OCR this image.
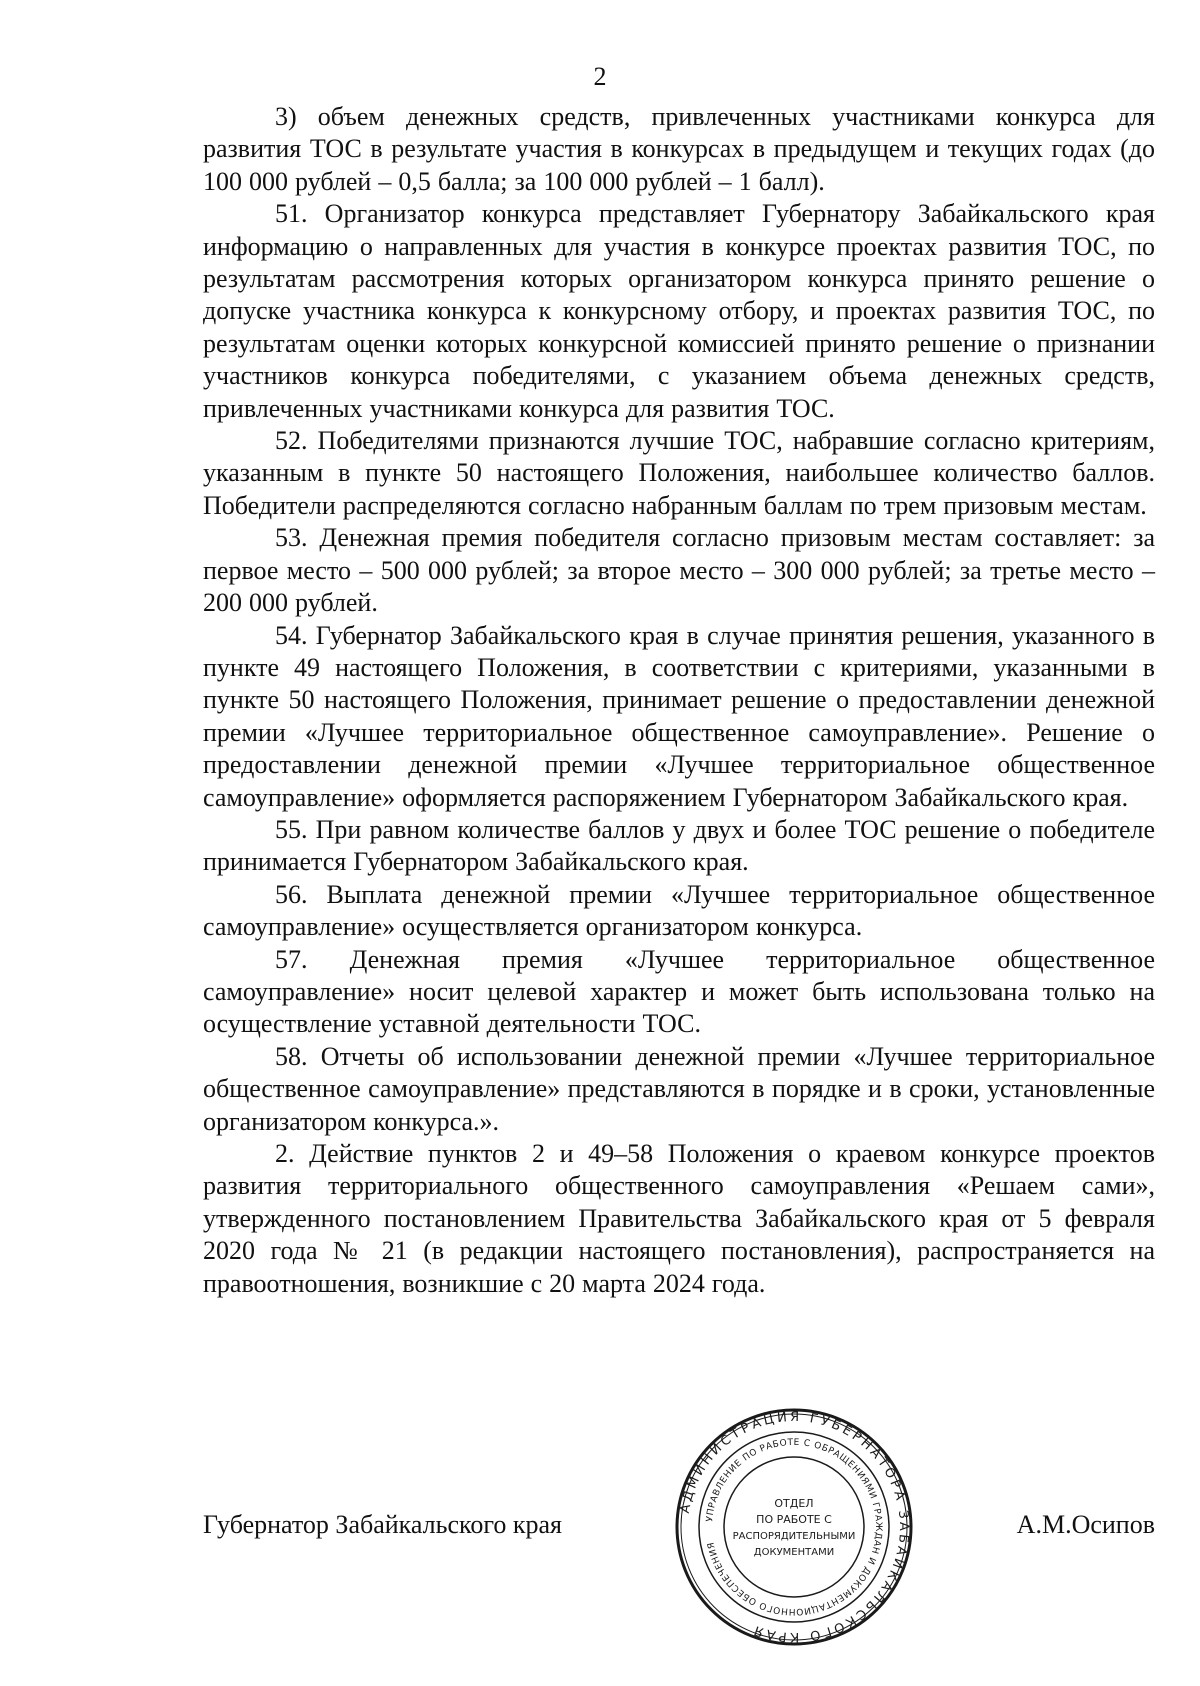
2

3) объем денежных средств, привлеченных участниками конкурса для развития ТОС в результате участия в конкурсах в предыдущем и текущих годах (до 100 000 рублей – 0,5 балла; за 100 000 рублей – 1 балл).

51. Организатор конкурса представляет Губернатору Забайкальского края информацию о направленных для участия в конкурсе проектах развития ТОС, по результатам рассмотрения которых организатором конкурса принято решение о допуске участника конкурса к конкурсному отбору, и проектах развития ТОС, по результатам оценки которых конкурсной комиссией принято решение о признании участников конкурса победителями, с указанием объема денежных средств, привлеченных участниками конкурса для развития ТОС.

52. Победителями признаются лучшие ТОС, набравшие согласно критериям, указанным в пункте 50 настоящего Положения, наибольшее количество баллов. Победители распределяются согласно набранным баллам по трем призовым местам.

53. Денежная премия победителя согласно призовым местам составляет: за первое место – 500 000 рублей; за второе место – 300 000 рублей; за третье место – 200 000 рублей.

54. Губернатор Забайкальского края в случае принятия решения, указанного в пункте 49 настоящего Положения, в соответствии с критериями, указанными в пункте 50 настоящего Положения, принимает решение о предоставлении денежной премии «Лучшее территориальное общественное самоуправление». Решение о предоставлении денежной премии «Лучшее территориальное общественное самоуправление» оформляется распоряжением Губернатором Забайкальского края.

55. При равном количестве баллов у двух и более ТОС решение о победителе принимается Губернатором Забайкальского края.

56. Выплата денежной премии «Лучшее территориальное общественное самоуправление» осуществляется организатором конкурса.

57. Денежная премия «Лучшее территориальное общественное самоуправление» носит целевой характер и может быть использована только на осуществление уставной деятельности ТОС.

58. Отчеты об использовании денежной премии «Лучшее территориальное общественное самоуправление» представляются в порядке и в сроки, установленные организатором конкурса.».

2. Действие пунктов 2 и 49–58 Положения о краевом конкурсе проектов развития территориального общественного самоуправления «Решаем сами», утвержденного постановлением Правительства Забайкальского края от 5 февраля 2020 года № 21 (в редакции настоящего постановления), распространяется на правоотношения, возникшие с 20 марта 2024 года.

Губернатор Забайкальского края	А.М.Осипов
АДМИНИСТРАЦИЯ ГУБЕРНАТОРА ЗАБАЙКАЛЬСКОГО КРАЯ
УПРАВЛЕНИЕ ПО РАБОТЕ С ОБРАЩЕНИЯМИ ГРАЖДАН И ДОКУМЕНТАЦИОННОГО ОБЕСПЕЧЕНИЯ
ОТДЕЛ
ПО РАБОТЕ С
РАСПОРЯДИТЕЛЬНЫМИ
ДОКУМЕНТАМИ
